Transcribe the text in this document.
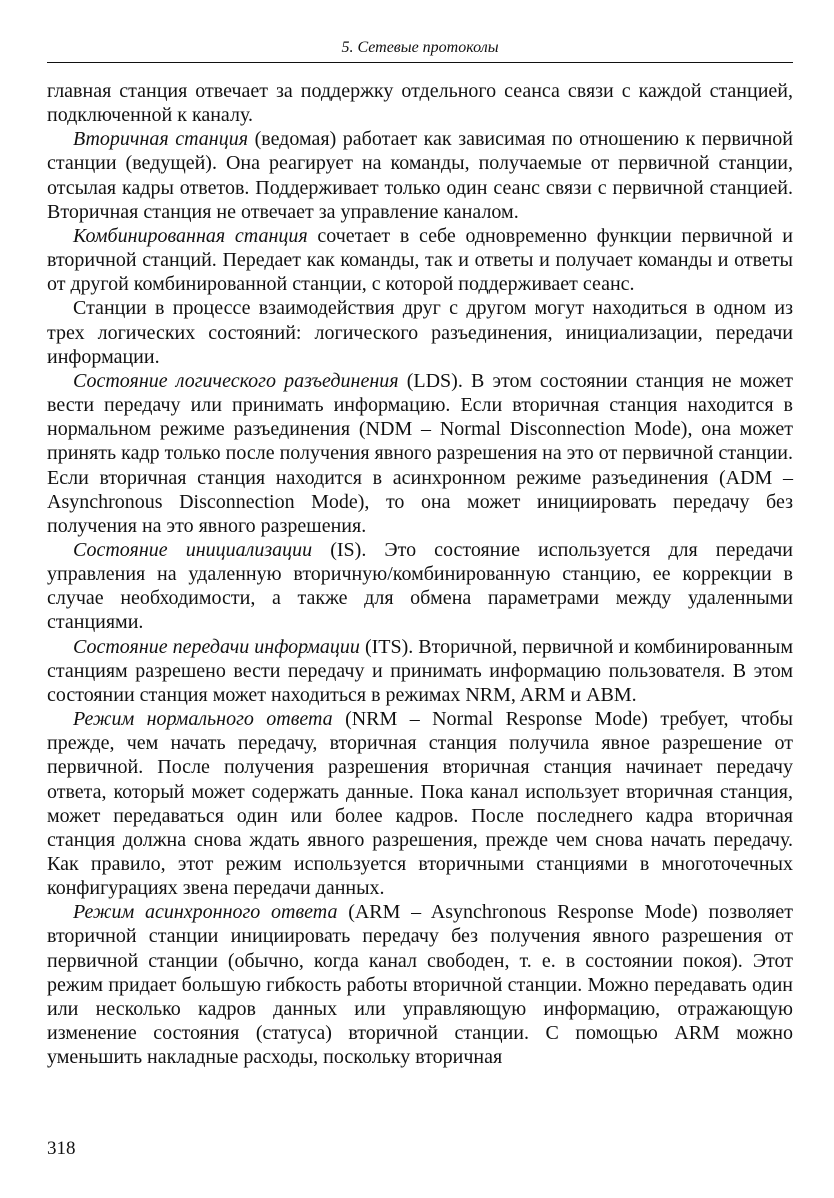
5. Сетевые протоколы

главная станция отвечает за поддержку отдельного сеанса связи с каждой станцией, подключенной к каналу.

Вторичная станция (ведомая) работает как зависимая по отношению к первичной станции (ведущей). Она реагирует на команды, получаемые от первичной станции, отсылая кадры ответов. Поддерживает только один сеанс связи с первичной станцией. Вторичная станция не отвечает за управление каналом.

Комбинированная станция сочетает в себе одновременно функции первичной и вторичной станций. Передает как команды, так и ответы и получает команды и ответы от другой комбинированной станции, с которой поддерживает сеанс.

Станции в процессе взаимодействия друг с другом могут находиться в одном из трех логических состояний: логического разъединения, инициализации, передачи информации.

Состояние логического разъединения (LDS). В этом состоянии станция не может вести передачу или принимать информацию. Если вторичная станция находится в нормальном режиме разъединения (NDM – Normal Disconnection Mode), она может принять кадр только после получения явного разрешения на это от первичной станции. Если вторичная станция находится в асинхронном режиме разъединения (ADM – Asynchronous Disconnection Mode), то она может инициировать передачу без получения на это явного разрешения.

Состояние инициализации (IS). Это состояние используется для передачи управления на удаленную вторичную/комбинированную станцию, ее коррекции в случае необходимости, а также для обмена параметрами между удаленными станциями.

Состояние передачи информации (ITS). Вторичной, первичной и комбинированным станциям разрешено вести передачу и принимать информацию пользователя. В этом состоянии станция может находиться в режимах NRM, ARM и ABM.

Режим нормального ответа (NRM – Normal Response Mode) требует, чтобы прежде, чем начать передачу, вторичная станция получила явное разрешение от первичной. После получения разрешения вторичная станция начинает передачу ответа, который может содержать данные. Пока канал использует вторичная станция, может передаваться один или более кадров. После последнего кадра вторичная станция должна снова ждать явного разрешения, прежде чем снова начать передачу. Как правило, этот режим используется вторичными станциями в многоточечных конфигурациях звена передачи данных.

Режим асинхронного ответа (ARM – Asynchronous Response Mode) позволяет вторичной станции инициировать передачу без получения явного разрешения от первичной станции (обычно, когда канал свободен, т. е. в состоянии покоя). Этот режим придает большую гибкость работы вторичной станции. Можно передавать один или несколько кадров данных или управляющую информацию, отражающую изменение состояния (статуса) вторичной станции. С помощью ARM можно уменьшить накладные расходы, поскольку вторичная

318
